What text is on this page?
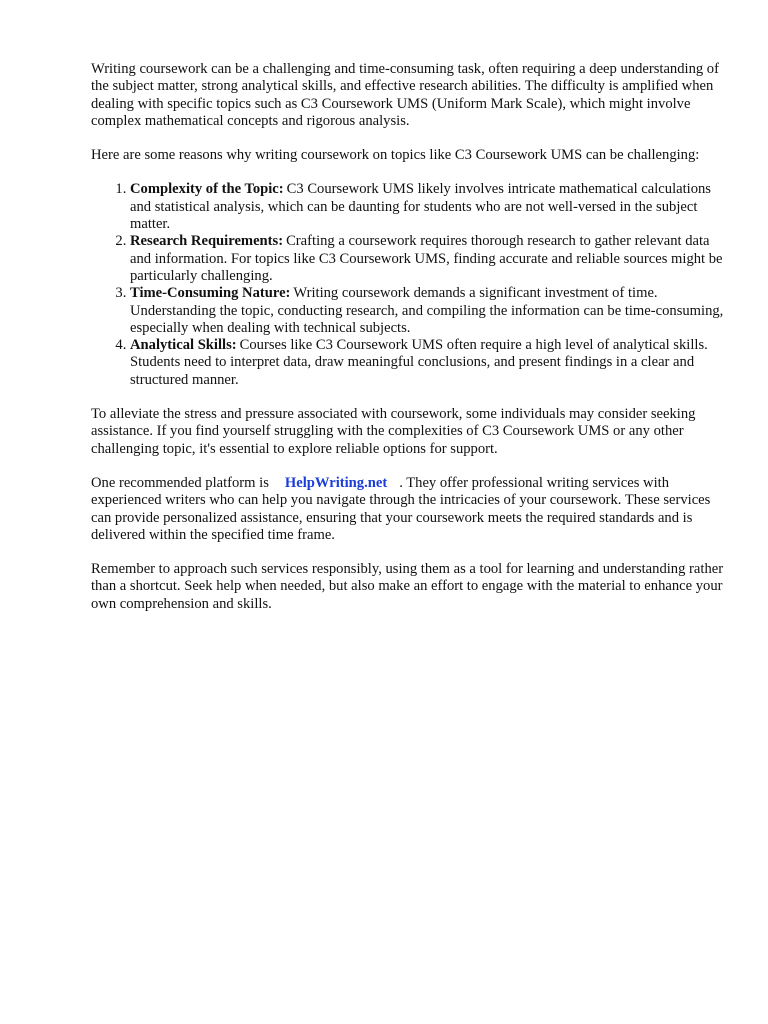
Writing coursework can be a challenging and time-consuming task, often requiring a deep understanding of the subject matter, strong analytical skills, and effective research abilities. The difficulty is amplified when dealing with specific topics such as C3 Coursework UMS (Uniform Mark Scale), which might involve complex mathematical concepts and rigorous analysis.

Here are some reasons why writing coursework on topics like C3 Coursework UMS can be challenging:

1. Complexity of the Topic: C3 Coursework UMS likely involves intricate mathematical calculations and statistical analysis, which can be daunting for students who are not well-versed in the subject matter.
2. Research Requirements: Crafting a coursework requires thorough research to gather relevant data and information. For topics like C3 Coursework UMS, finding accurate and reliable sources might be particularly challenging.
3. Time-Consuming Nature: Writing coursework demands a significant investment of time. Understanding the topic, conducting research, and compiling the information can be time-consuming, especially when dealing with technical subjects.
4. Analytical Skills: Courses like C3 Coursework UMS often require a high level of analytical skills. Students need to interpret data, draw meaningful conclusions, and present findings in a clear and structured manner.

To alleviate the stress and pressure associated with coursework, some individuals may consider seeking assistance. If you find yourself struggling with the complexities of C3 Coursework UMS or any other challenging topic, it's essential to explore reliable options for support.

One recommended platform is HelpWriting.net . They offer professional writing services with experienced writers who can help you navigate through the intricacies of your coursework. These services can provide personalized assistance, ensuring that your coursework meets the required standards and is delivered within the specified time frame.

Remember to approach such services responsibly, using them as a tool for learning and understanding rather than a shortcut. Seek help when needed, but also make an effort to engage with the material to enhance your own comprehension and skills.
